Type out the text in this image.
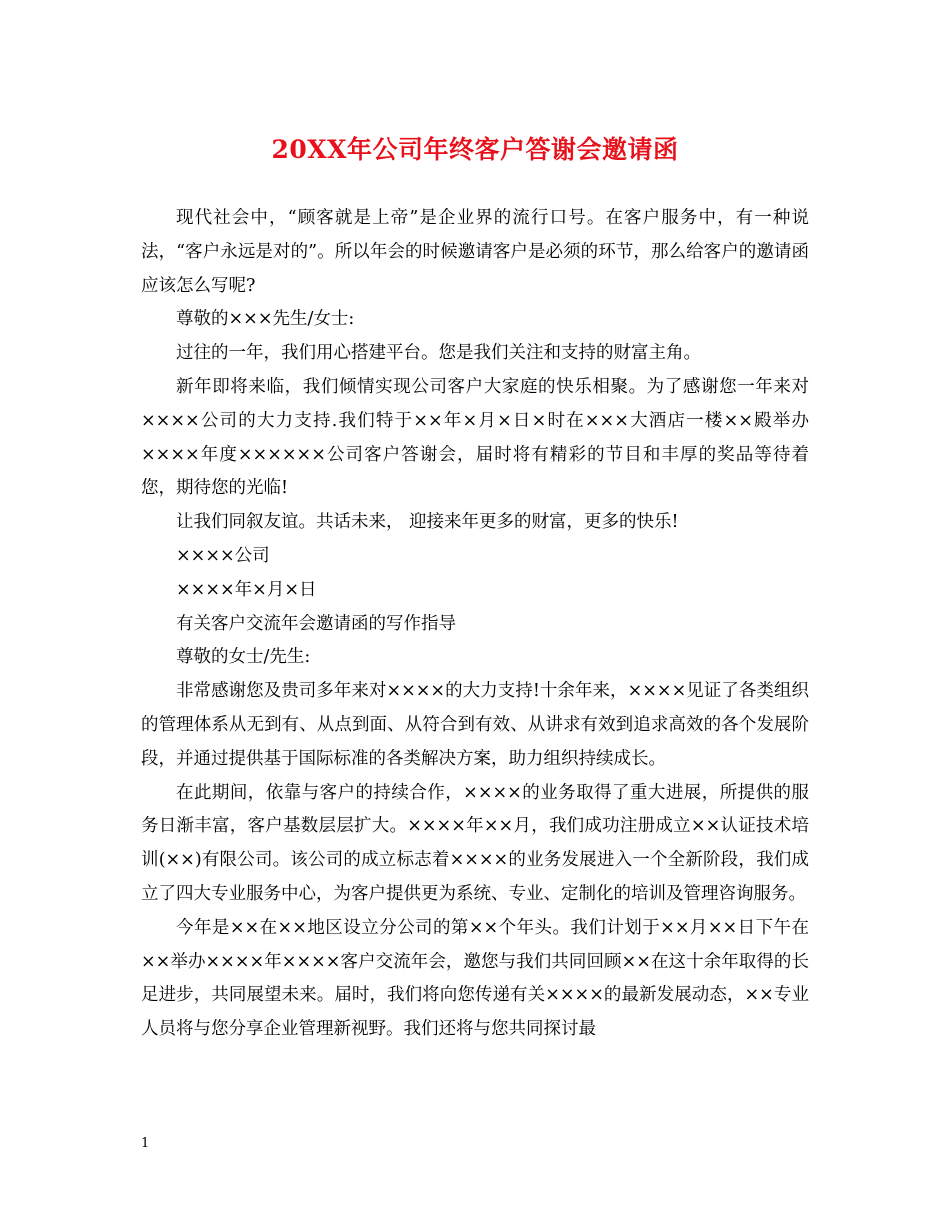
20XX年公司年终客户答谢会邀请函

现代社会中，“顾客就是上帝”是企业界的流行口号。在客户服务中，有一种说法，“客户永远是对的”。所以年会的时候邀请客户是必须的环节，那么给客户的邀请函应该怎么写呢?

尊敬的×××先生/女士:

过往的一年，我们用心搭建平台。您是我们关注和支持的财富主角。

新年即将来临，我们倾情实现公司客户大家庭的快乐相聚。为了感谢您一年来对××××公司的大力支持.我们特于××年×月×日×时在×××大酒店一楼××殿举办××××年度××××××公司客户答谢会，届时将有精彩的节目和丰厚的奖品等待着您，期待您的光临!

让我们同叙友谊。共话未来， 迎接来年更多的财富，更多的快乐!

××××公司

××××年×月×日

有关客户交流年会邀请函的写作指导

尊敬的女士/先生:

非常感谢您及贵司多年来对××××的大力支持!十余年来，××××见证了各类组织的管理体系从无到有、从点到面、从符合到有效、从讲求有效到追求高效的各个发展阶段，并通过提供基于国际标准的各类解决方案，助力组织持续成长。

在此期间，依靠与客户的持续合作，××××的业务取得了重大进展，所提供的服务日渐丰富，客户基数层层扩大。××××年××月，我们成功注册成立××认证技术培训(××)有限公司。该公司的成立标志着××××的业务发展进入一个全新阶段，我们成立了四大专业服务中心，为客户提供更为系统、专业、定制化的培训及管理咨询服务。

今年是××在××地区设立分公司的第××个年头。我们计划于××月××日下午在××举办××××年××××客户交流年会，邀您与我们共同回顾××在这十余年取得的长足进步，共同展望未来。届时，我们将向您传递有关××××的最新发展动态，××专业人员将与您分享企业管理新视野。我们还将与您共同探讨最

1
